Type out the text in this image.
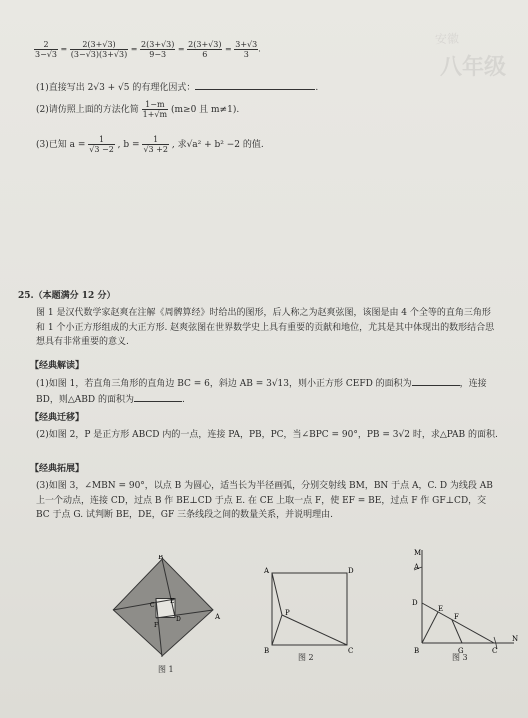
安徽
八年级
$\frac{2}{3-√3} = \frac{2(3+√3)}{(3-√3)(3+√3)} = \frac{2(3+√3)}{9-3} = \frac{2(3+√3)}{6} = \frac{3+√3}{3}$ .
(1)直接写出 2√3 + √5 的有理化因式：	.
(2)请仿照上面的方法化简 $\frac{1-m}{1+√m} (m\ge 0$ 且 m≠1).
(3)已知 $a = \frac{1}{√3 -2}$ , $b = \frac{1}{√3 +2}$ , 求√a² + b² −2 的值.
25.（本题满分 12 分）
图 1 是汉代数学家赵爽在注解《周髀算经》时给出的图形，后人称之为赵爽弦图，该图是由 4 个全等的直角三角形和 1 个小正方形组成的大正方形. 赵爽弦图在世界数学史上具有重要的贡献和地位，尤其是其中体现出的数形结合思想具有非常重要的意义.
【经典解读】
(1)如图 1，若直角三角形的直角边 BC = 6，斜边 AB = 3√13，则小正方形 CEFD 的面积为	，连接 BD，则△ABD 的面积为	.
【经典迁移】
(2)如图 2，P 是正方形 ABCD 内的一点，连接 PA，PB，PC，当∠BPC = 90°，PB = 3√2 时，求△PAB 的面积.
【经典拓展】
(3)如图 3，∠MBN = 90°，以点 B 为圆心，适当长为半径画弧，分别交射线 BM，BN 于点 A，C. D 为线段 AB 上一个动点，连接 CD，过点 B 作 BE⊥CD 于点 E. 在 CE 上取一点 F，使 EF = BE，过点 F 作 GF⊥CD，交 BC 于点 G. 试判断 BE，DE，GF 三条线段之间的数量关系，并说明理由.
B
A
C
D
E
F
图 1
A	D
B	C
P
图 2
M
A
D
E
F
B	G	C
N
图 3
